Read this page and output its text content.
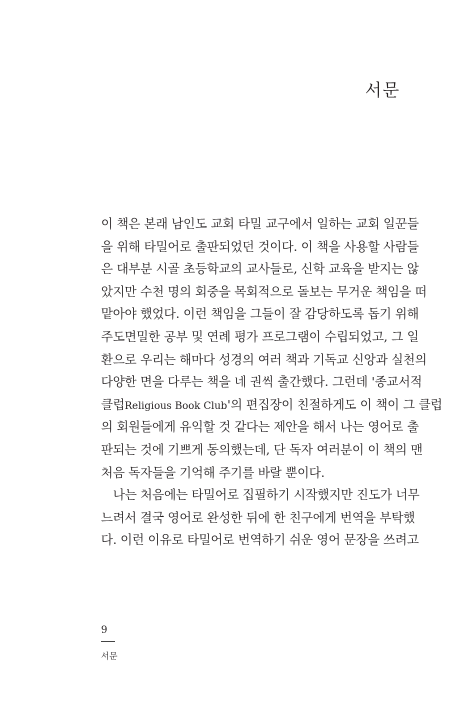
서문
이 책은 본래 남인도 교회 타밀 교구에서 일하는 교회 일꾼들
을 위해 타밀어로 출판되었던 것이다. 이 책을 사용할 사람들
은 대부분 시골 초등학교의 교사들로, 신학 교육을 받지는 않
았지만 수천 명의 회중을 목회적으로 돌보는 무거운 책임을 떠
맡아야 했었다. 이런 책임을 그들이 잘 감당하도록 돕기 위해
주도면밀한 공부 및 연례 평가 프로그램이 수립되었고, 그 일
환으로 우리는 해마다 성경의 여러 책과 기독교 신앙과 실천의
다양한 면을 다루는 책을 네 권씩 출간했다. 그런데 '종교서적
클럽Religious Book Club'의 편집장이 친절하게도 이 책이 그 클럽
의 회원들에게 유익할 것 같다는 제안을 해서 나는 영어로 출
판되는 것에 기쁘게 동의했는데, 단 독자 여러분이 이 책의 맨
처음 독자들을 기억해 주기를 바랄 뿐이다.
나는 처음에는 타밀어로 집필하기 시작했지만 진도가 너무
느려서 결국 영어로 완성한 뒤에 한 친구에게 번역을 부탁했
다. 이런 이유로 타밀어로 번역하기 쉬운 영어 문장을 쓰려고
9
서문
